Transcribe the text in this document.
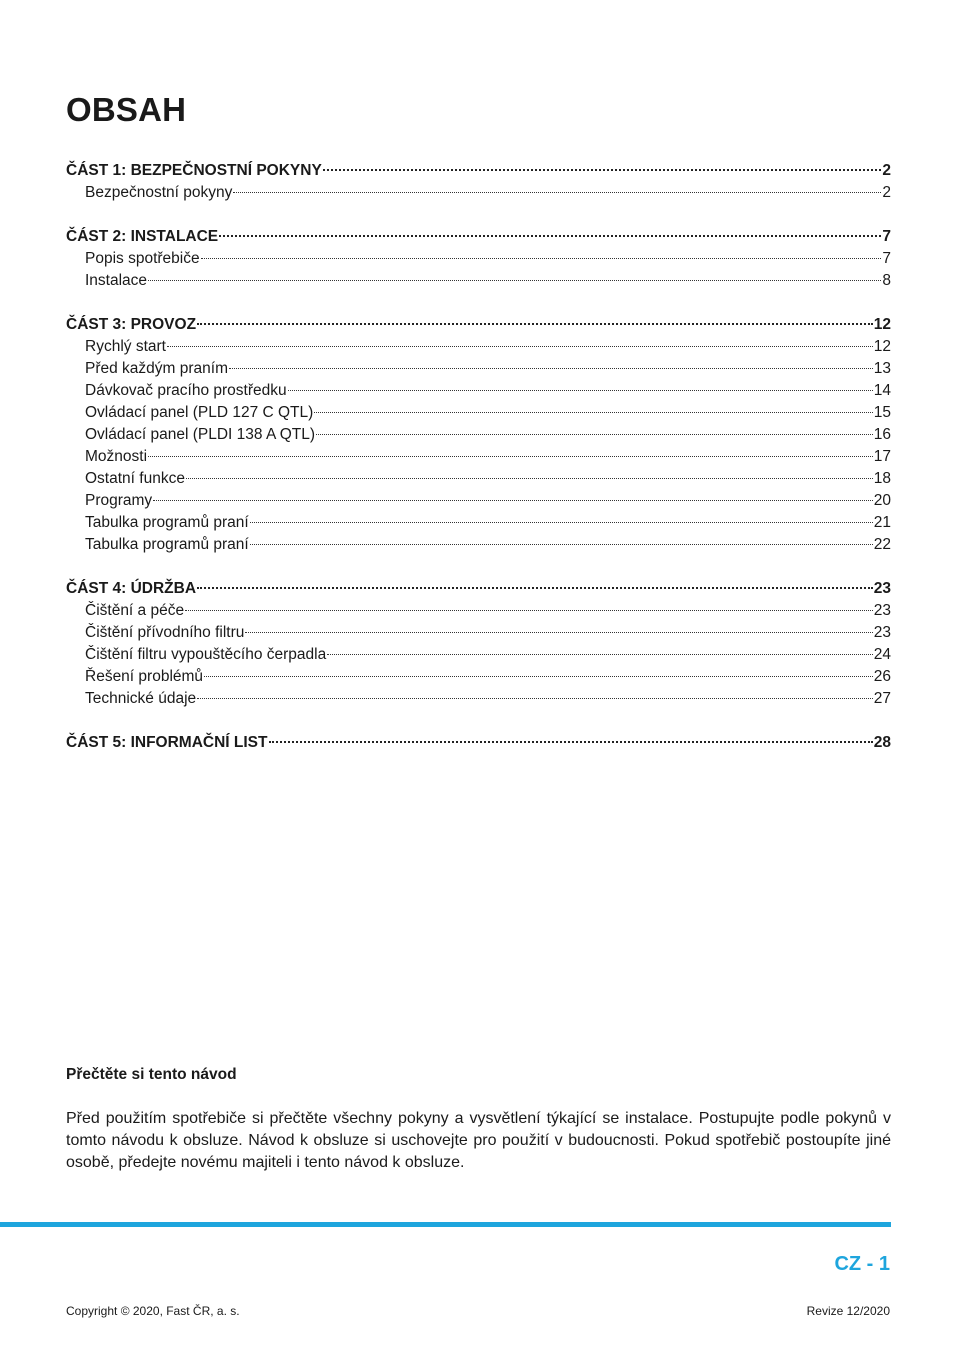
OBSAH
ČÁST 1: BEZPEČNOSTNÍ POKYNY	2
Bezpečnostní pokyny	2
ČÁST 2: INSTALACE	7
Popis spotřebiče	7
Instalace	8
ČÁST 3: PROVOZ	12
Rychlý start	12
Před každým praním	13
Dávkovač pracího prostředku	14
Ovládací panel (PLD 127 C QTL)	15
Ovládací panel (PLDI 138 A QTL)	16
Možnosti	17
Ostatní funkce	18
Programy	20
Tabulka programů praní	21
Tabulka programů praní	22
ČÁST 4: ÚDRŽBA	23
Čištění a péče	23
Čištění přívodního filtru	23
Čištění filtru vypouštěcího čerpadla	24
Řešení problémů	26
Technické údaje	27
ČÁST 5: INFORMAČNÍ LIST	28

Přečtěte si tento návod

Před použitím spotřebiče si přečtěte všechny pokyny a vysvětlení týkající se instalace. Postupujte podle pokynů v tomto návodu k obsluze. Návod k obsluze si uschovejte pro použití v budoucnosti. Pokud spotřebič postoupíte jiné osobě, předejte novému majiteli i tento návod k obsluze.

CZ - 1
Copyright © 2020, Fast ČR, a. s.	Revize 12/2020
